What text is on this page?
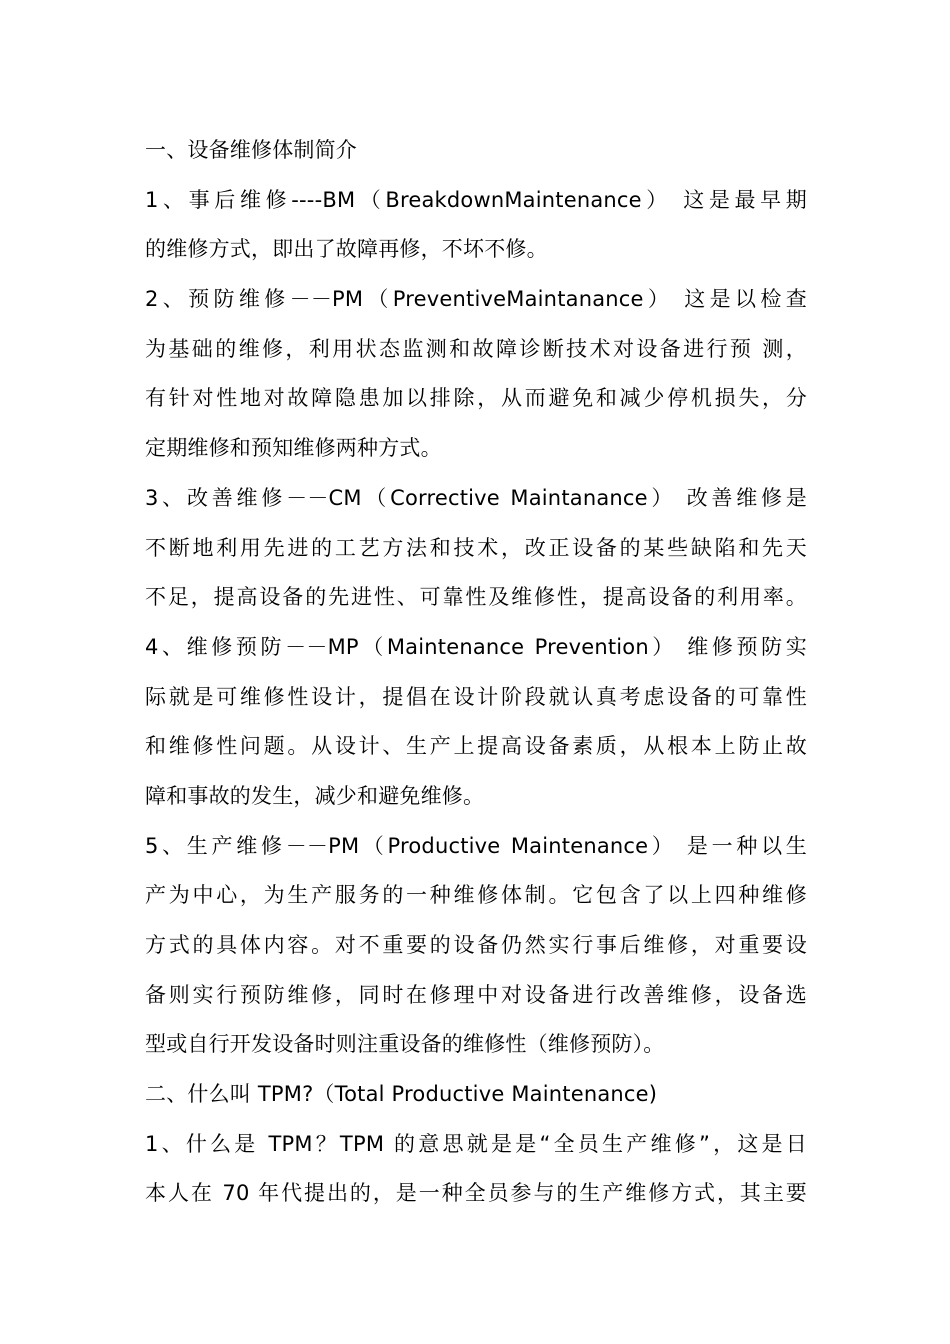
一、设备维修体制简介
1、事后维修----BM（BreakdownMaintenance） 这是最早期
的维修方式，即出了故障再修，不坏不修。
2、预防维修－－PM（PreventiveMaintanance） 这是以检查
为基础的维修，利用状态监测和故障诊断技术对设备进行预 测，
有针对性地对故障隐患加以排除，从而避免和减少停机损失，分
定期维修和预知维修两种方式。
3、改善维修－－CM（Corrective Maintanance） 改善维修是
不断地利用先进的工艺方法和技术，改正设备的某些缺陷和先天
不足，提高设备的先进性、可靠性及维修性，提高设备的利用率。
4、维修预防－－MP（Maintenance Prevention） 维修预防实
际就是可维修性设计，提倡在设计阶段就认真考虑设备的可靠性
和维修性问题。从设计、生产上提高设备素质，从根本上防止故
障和事故的发生，减少和避免维修。
5、生产维修－－PM（Productive Maintenance） 是一种以生
产为中心，为生产服务的一种维修体制。它包含了以上四种维修
方式的具体内容。对不重要的设备仍然实行事后维修，对重要设
备则实行预防维修，同时在修理中对设备进行改善维修，设备选
型或自行开发设备时则注重设备的维修性（维修预防）。
二、什么叫 TPM?（Total Productive Maintenance)
1、什么是 TPM？TPM 的意思就是是“全员生产维修”，这是日
本人在 70 年代提出的，是一种全员参与的生产维修方式，其主要
